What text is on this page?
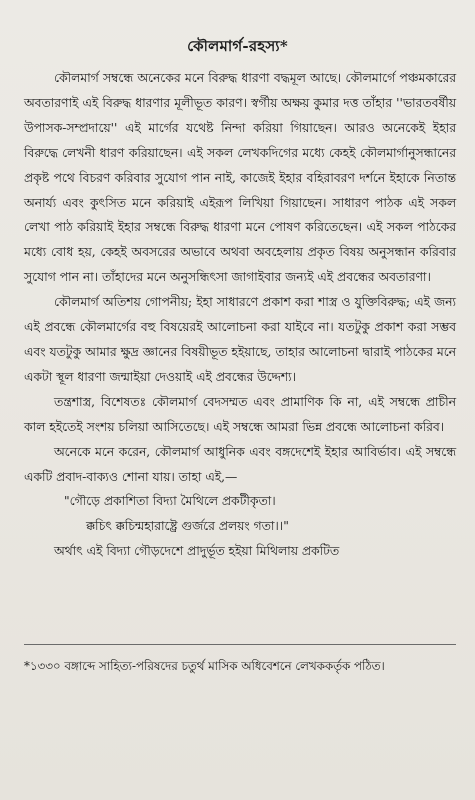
কৌলমার্গ-রহস্য*

কৌলমার্গ সম্বন্ধে অনেকের মনে বিরুদ্ধ ধারণা বদ্ধমূল আছে। কৌলমার্গে পঞ্চমকারের অবতারণাই এই বিরুদ্ধ ধারণার মূলীভূত কারণ। স্বর্গীয় অক্ষয় কুমার দত্ত তাঁহার ''ভারতবর্ষীয় উপাসক-সম্প্রদায়ে'' এই মার্গের যথেষ্ট নিন্দা করিয়া গিয়াছেন। আরও অনেকেই ইহার বিরুদ্ধে লেখনী ধারণ করিয়াছেন। এই সকল লেখকদিগের মধ্যে কেহই কৌলমার্গানুসন্ধানের প্রকৃষ্ট পথে বিচরণ করিবার সুযোগ পান নাই, কাজেই ইহার বহিরাবরণ দর্শনে ইহাকে নিতান্ত অনার্য্য এবং কুৎসিত মনে করিয়াই এইরূপ লিখিয়া গিয়াছেন। সাধারণ পাঠক এই সকল লেখা পাঠ করিয়াই ইহার সম্বন্ধে বিরুদ্ধ ধারণা মনে পোষণ করিতেছেন। এই সকল পাঠকের মধ্যে বোধ হয়, কেহই অবসরের অভাবে অথবা অবহেলায় প্রকৃত বিষয় অনুসন্ধান করিবার সুযোগ পান না। তাঁহাদের মনে অনুসন্ধিৎসা জাগাইবার জন্যই এই প্রবন্ধের অবতারণা।

কৌলমার্গ অতিশয় গোপনীয়; ইহা সাধারণে প্রকাশ করা শাস্ত্র ও যুক্তিবিরুদ্ধ; এই জন্য এই প্রবন্ধে কৌলমার্গের বহু বিষয়েরই আলোচনা করা যাইবে না। যতটুকু প্রকাশ করা সম্ভব এবং যতটুকু আমার ক্ষুদ্র জ্ঞানের বিষয়ীভূত হইয়াছে, তাহার আলোচনা দ্বারাই পাঠকের মনে একটা স্থূল ধারণা জন্মাইয়া দেওয়াই এই প্রবন্ধের উদ্দেশ্য।

তন্ত্রশাস্ত্র, বিশেষতঃ কৌলমার্গ বেদসম্মত এবং প্রামাণিক কি না, এই সম্বন্ধে প্রাচীন কাল হইতেই সংশয় চলিয়া আসিতেছে। এই সম্বন্ধে আমরা ভিন্ন প্রবন্ধে আলোচনা করিব।

অনেকে মনে করেন, কৌলমার্গ আধুনিক এবং বঙ্গদেশেই ইহার আবির্ভাব। এই সম্বন্ধে একটি প্রবাদ-বাক্যও শোনা যায়। তাহা এই,—

"গৌড়ে প্রকাশিতা বিদ্যা মৈথিলে প্রকটীকৃতা।

ক্কচিৎ ক্কচিন্মহারাষ্ট্রে গুর্জরে প্রলয়ং গতা।।"

অর্থাৎ এই বিদ্যা গৌড়দেশে প্রাদুর্ভূত হইয়া মিথিলায় প্রকটিত

*১৩৩০ বঙ্গাব্দে সাহিত্য-পরিষদের চতুর্থ মাসিক অধিবেশনে লেখককর্তৃক পঠিত।
